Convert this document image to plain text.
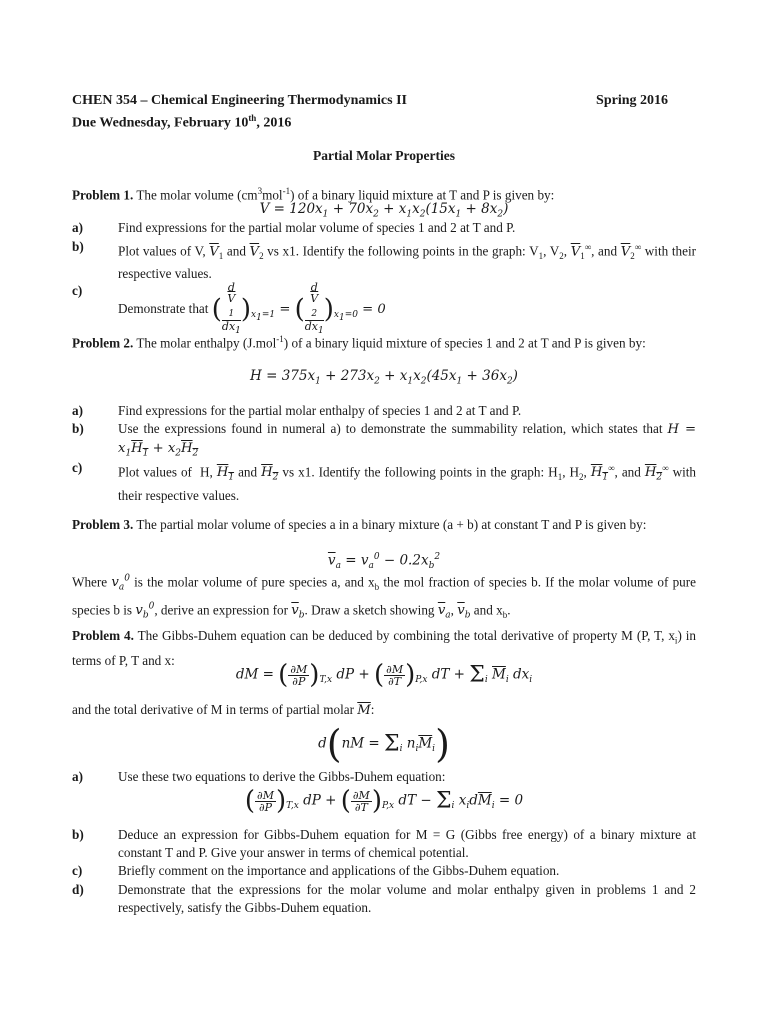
CHEN 354 – Chemical Engineering Thermodynamics II	Spring 2016
Due Wednesday, February 10th, 2016
Partial Molar Properties
Problem 1. The molar volume $(cm^3mol^{-1})$ of a binary liquid mixture at T and P is given by:
$V = 120x_1 + 70x_2 + x_1x_2(15x_1 + 8x_2)$
a)	Find expressions for the partial molar volume of species 1 and 2 at T and P.
b)	Plot values of V, $\overline{V}_1$ and $\overline{V}_2$ vs x1. Identify the following points in the graph: $V_1$, $V_2$, $\overline{V}_1^\infty$, and $\overline{V}_2^\infty$ with their respective values.
c)
Demonstrate that ( d
$\overline{V}$
$_1$
$dx_1$ )$_{x_1=1}$ = ( d
$\overline{V}$
$_2$
$dx_1$ )$_{x_1=0} = 0$
Problem 2. The molar enthalpy (J.mol$^{-1}$) of a binary liquid mixture of species 1 and 2 at T and P is given by:
$H = 375x_1 + 273x_2 + x_1x_2(45x_1 + 36x_2)$
a)	Find expressions for the partial molar enthalpy of species 1 and 2 at T and P.
b)	Use the expressions found in numeral a) to demonstrate the summability relation, which states that $H = x_1H_1 + x_2H_2$
c)	Plot values of  H, $H_1$ and $H_2$ vs x1. Identify the following points in the graph: $H_1$, $H_2$, $H_1^\infty$, and $H_2^\infty$ with their respective values.
Problem 3. The partial molar volume of species a in a binary mixture (a + b) at constant T and P is given by:
$\overline{v}_a = v_a^0 - 0.2x_b^2$
Where $v_a^0$ is the molar volume of pure species a, and $x_b$ the mol fraction of species b. If the molar volume of pure species b is $v_b^0$, derive an expression for $\overline{v}_b$. Draw a sketch showing $\overline{v}_a$, $\overline{v}_b$ and $x_b$.
Problem 4. The Gibbs-Duhem equation can be deduced by combining the total derivative of property M (P, T, $x_i$) in terms of P, T and x:
dM = ( $\frac{\partial M}{\partial P} )_{T,x}$ dP + ( $\frac{\partial M}{\partial T} )_{P,x}$ dT + $\Sigma_i$ $\overline{M}_i$ $dx_i$
and the total derivative of M in terms of partial molar $\overline{M}$:
$d(nM = \Sigma_i$ $n_i\overline{M}_i$)
a)	Use these two equations to derive the Gibbs-Duhem equation:
( $\frac{\partial M}{\partial P} )_{T,x}$ dP + ( $\frac{\partial M}{\partial T} )_{P,x}$ dT − $\Sigma_i$ $x_id\overline{M}_i = 0$
b)	Deduce an expression for Gibbs-Duhem equation for M = G (Gibbs free energy) of a binary mixture at constant T and P. Give your answer in terms of chemical potential.
c)	Briefly comment on the importance and applications of the Gibbs-Duhem equation.
d)	Demonstrate that the expressions for the molar volume and molar enthalpy given in problems 1 and 2 respectively, satisfy the Gibbs-Duhem equation.
